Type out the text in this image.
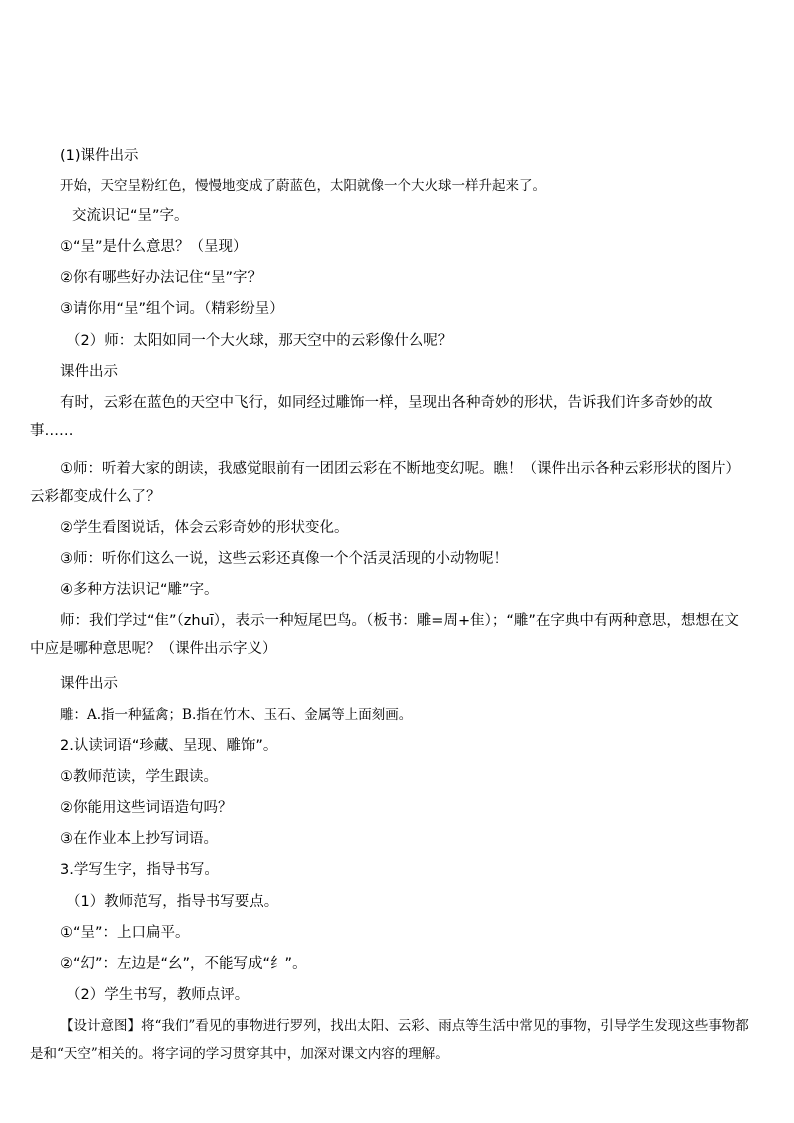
(1)课件出示
开始，天空呈粉红色，慢慢地变成了蔚蓝色，太阳就像一个大火球一样升起来了。
交流识记“呈”字。
①“呈”是什么意思？（呈现）
②你有哪些好办法记住“呈”字？
③请你用“呈”组个词。（精彩纷呈）
（2）师：太阳如同一个大火球，那天空中的云彩像什么呢？
课件出示
有时，云彩在蓝色的天空中飞行，如同经过雕饰一样，呈现出各种奇妙的形状，告诉我们许多奇妙的故事……
①师：听着大家的朗读，我感觉眼前有一团团云彩在不断地变幻呢。瞧！（课件出示各种云彩形状的图片）云彩都变成什么了？
②学生看图说话，体会云彩奇妙的形状变化。
③师：听你们这么一说，这些云彩还真像一个个活灵活现的小动物呢！
④多种方法识记“雕”字。
师：我们学过“隹”（zhuī），表示一种短尾巴鸟。（板书：雕=周+隹）；“雕”在字典中有两种意思，想想在文中应是哪种意思呢？（课件出示字义）
课件出示
雕：A.指一种猛禽；B.指在竹木、玉石、金属等上面刻画。
2.认读词语“珍藏、呈现、雕饰”。
①教师范读，学生跟读。
②你能用这些词语造句吗？
③在作业本上抄写词语。
3.学写生字，指导书写。
（1）教师范写，指导书写要点。
①“呈”：上口扁平。
②“幻”：左边是“幺”，不能写成“纟”。
（2）学生书写，教师点评。
【设计意图】将“我们”看见的事物进行罗列，找出太阳、云彩、雨点等生活中常见的事物，引导学生发现这些事物都是和“天空”相关的。将字词的学习贯穿其中，加深对课文内容的理解。
